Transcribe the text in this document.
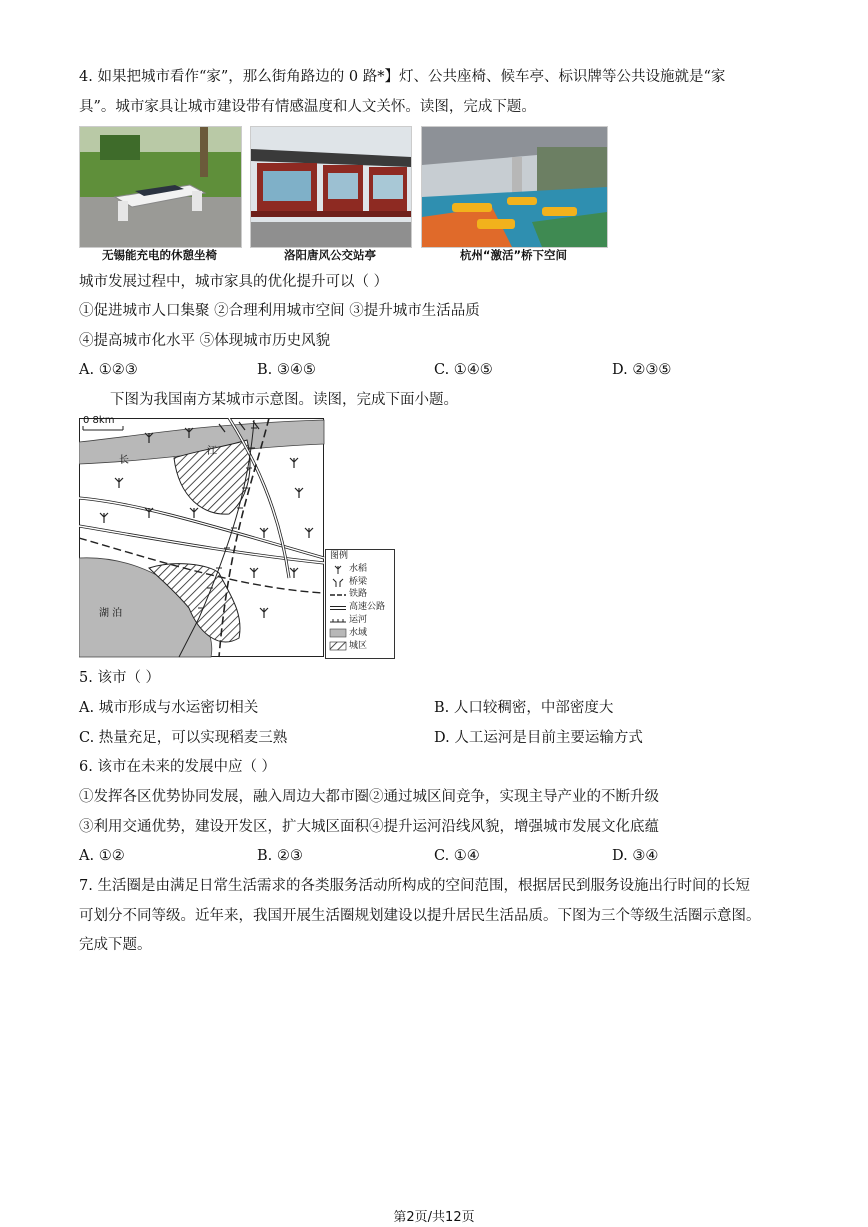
4. 如果把城市看作“家”，那么街角路边的 0 路*】灯、公共座椅、候车亭、标识牌等公共设施就是“家
具”。城市家具让城市建设带有情感温度和人文关怀。读图，完成下题。
无锡能充电的休憩坐椅	洛阳唐风公交站亭	杭州“激活”桥下空间
城市发展过程中，城市家具的优化提升可以（ ）
①促进城市人口集聚 ②合理利用城市空间 ③提升城市生活品质
④提高城市化水平 ⑤体现城市历史风貌
A. ①②③	B. ③④⑤	C. ①④⑤	D. ②③⑤
下图为我国南方某城市示意图。读图，完成下面小题。
0 8km
长
江
湖 泊
图例
水稻
桥梁
铁路
高速公路
运河
水域
城区
5. 该市（ ）
A. 城市形成与水运密切相关	B. 人口较稠密，中部密度大
C. 热量充足，可以实现稻麦三熟	D. 人工运河是目前主要运输方式
6. 该市在未来的发展中应（ ）
①发挥各区优势协同发展，融入周边大都市圈②通过城区间竞争，实现主导产业的不断升级
③利用交通优势，建设开发区，扩大城区面积④提升运河沿线风貌，增强城市发展文化底蕴
A. ①②	B. ②③	C. ①④	D. ③④
7. 生活圈是由满足日常生活需求的各类服务活动所构成的空间范围，根据居民到服务设施出行时间的长短
可划分不同等级。近年来，我国开展生活圈规划建设以提升居民生活品质。下图为三个等级生活圈示意图。
完成下题。
第2页/共12页
